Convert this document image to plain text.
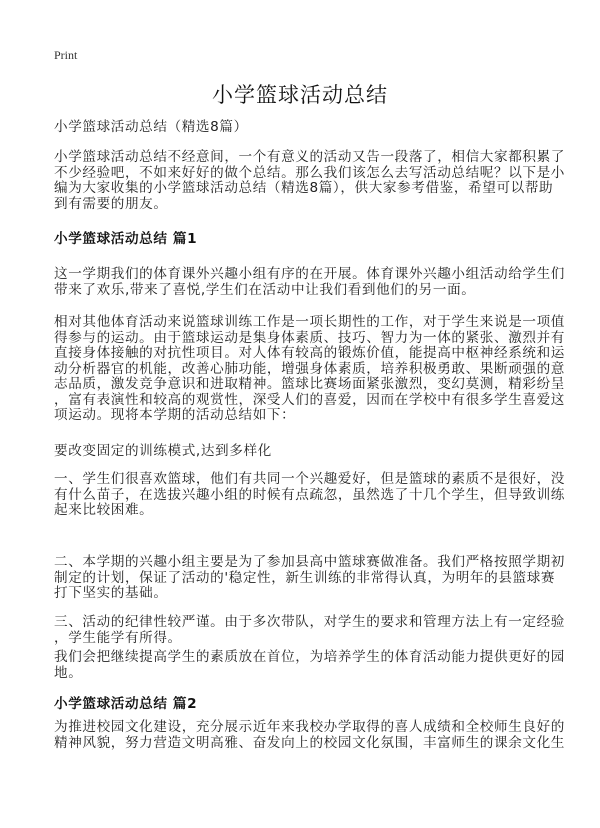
Print
小学篮球活动总结
小学篮球活动总结（精选8篇）
小学篮球活动总结不经意间，一个有意义的活动又告一段落了，相信大家都积累了
不少经验吧，不如来好好的做个总结。那么我们该怎么去写活动总结呢？以下是小
编为大家收集的小学篮球活动总结（精选8篇），供大家参考借鉴，希望可以帮助
到有需要的朋友。
小学篮球活动总结 篇1
这一学期我们的体育课外兴趣小组有序的在开展。体育课外兴趣小组活动给学生们
带来了欢乐,带来了喜悦,学生们在活动中让我们看到他们的另一面。
相对其他体育活动来说篮球训练工作是一项长期性的工作，对于学生来说是一项值
得参与的运动。由于篮球运动是集身体素质、技巧、智力为一体的紧张、激烈并有
直接身体接触的对抗性项目。对人体有较高的锻炼价值，能提高中枢神经系统和运
动分析器官的机能，改善心肺功能，增强身体素质，培养积极勇敢、果断顽强的意
志品质，激发竞争意识和进取精神。篮球比赛场面紧张激烈，变幻莫测，精彩纷呈
，富有表演性和较高的观赏性，深受人们的喜爱，因而在学校中有很多学生喜爱这
项运动。现将本学期的活动总结如下：
要改变固定的训练模式,达到多样化
一、学生们很喜欢篮球，他们有共同一个兴趣爱好，但是篮球的素质不是很好，没
有什么苗子，在选拔兴趣小组的时候有点疏忽，虽然选了十几个学生，但导致训练
起来比较困难。
二、本学期的兴趣小组主要是为了参加县高中篮球赛做准备。我们严格按照学期初
制定的计划，保证了活动的'稳定性，新生训练的非常得认真，为明年的县篮球赛
打下坚实的基础。
三、活动的纪律性较严谨。由于多次带队，对学生的要求和管理方法上有一定经验
，学生能学有所得。
我们会把继续提高学生的素质放在首位，为培养学生的体育活动能力提供更好的园
地。
小学篮球活动总结 篇2
为推进校园文化建设，充分展示近年来我校办学取得的喜人成绩和全校师生良好的
精神风貌，努力营造文明高雅、奋发向上的校园文化氛围，丰富师生的课余文化生
